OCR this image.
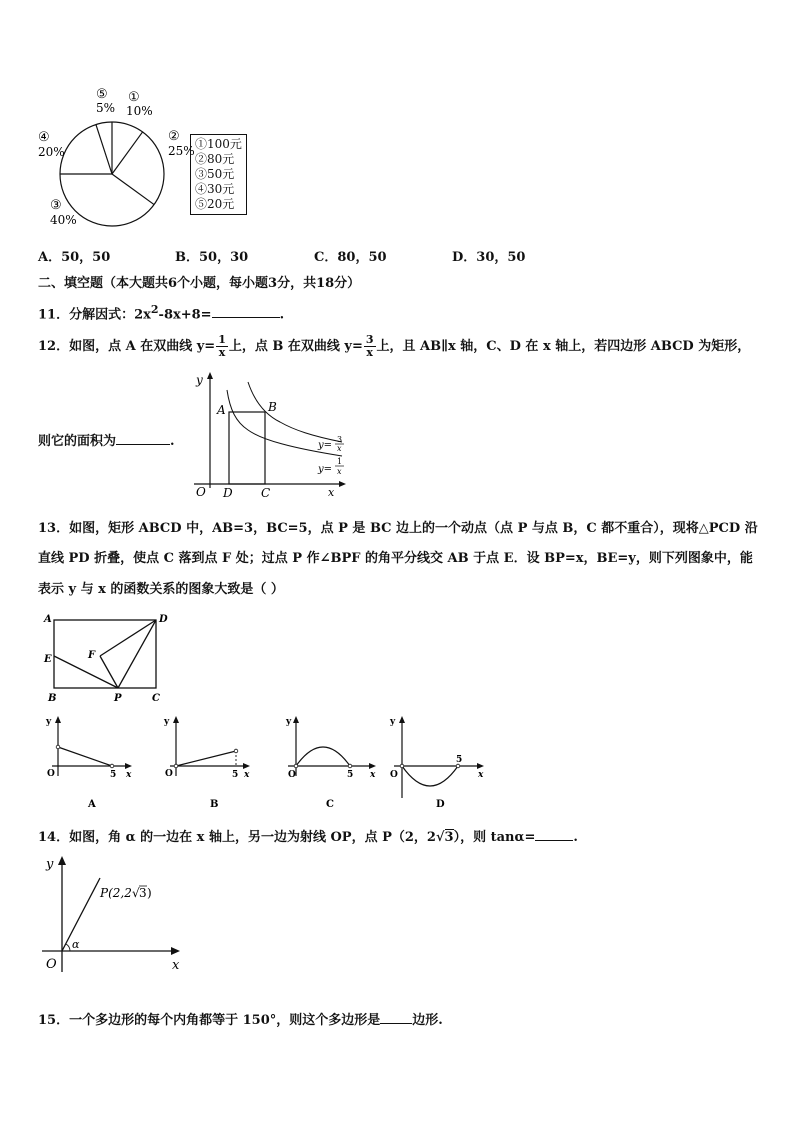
⑤
5%
①
10%
②
25%
④
20%
③
40%
①100元
②80元
③50元
④30元
⑤20元
A．50，50	B．50，30	C．80，50	D．30，50
二、填空题（本大题共6个小题，每小题3分，共18分）
11．分解因式：$2x^2-8x+8=$	.
12．如图，点 A 在双曲线 $y= \frac{1}{x}$ 上，点 B 在双曲线 $y= \frac{3}{x}$ 上，且 AB∥x 轴，C、D 在 x 轴上，若四边形 ABCD 为矩形，
y
O D C	x
A	B
y=
3
x
y=
1
x
则它的面积为	.
13．如图，矩形 ABCD 中，AB=3，BC=5，点 P 是 BC 边上的一个动点（点 P 与点 B，C 都不重合），现将△PCD 沿
直线 PD 折叠，使点 C 落到点 F 处；过点 P 作∠BPF 的角平分线交 AB 于点 E．设 BP=x，BE=y，则下列图象中，能
表示 y 与 x 的函数关系的图象大致是（ ）
A	D
E	F
B	P	C
y
O	5 x
A
y
O	5 x
B
y
O	5 x
C
y
O
5
x
D
14．如图，角 α 的一边在 x 轴上，另一边为射线 OP，点 P（2，2√3），则 tanα=	.
y
O	x
α
P(2,2 √ 3 )
15．一个多边形的每个内角都等于 150°，则这个多边形是 边形.
